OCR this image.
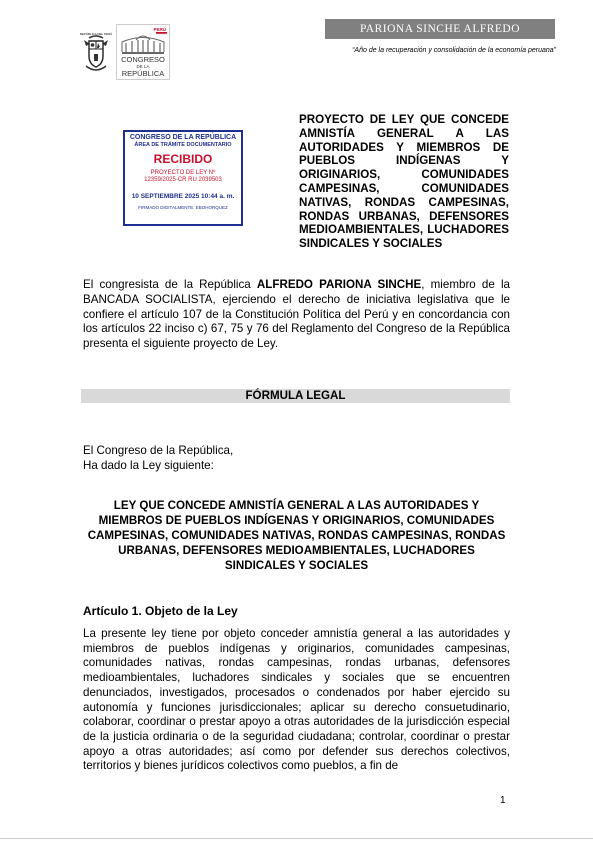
PARIONA SINCHE ALFREDO
“Año de la recuperación y consolidación de la economía peruana”
REPÚBLICA DEL PERÚ
PERÚ
CONGRESO
DE LA
REPÚBLICA
CONGRESO DE LA REPÚBLICA
ÁREA DE TRÁMITE DOCUMENTARIO
RECIBIDO
PROYECTO DE LEY Nº
12359/2025-CR RU 2039503
10 SEPTIEMBRE 2025 10:44 a. m.
FIRMADO DIGITALMENTE: EBOHORQUEZ
PROYECTO DE LEY QUE CONCEDE AMNISTÍA GENERAL A LAS AUTORIDADES Y MIEMBROS DE PUEBLOS INDÍGENAS Y ORIGINARIOS, COMUNIDADES CAMPESINAS, COMUNIDADES NATIVAS, RONDAS CAMPESINAS, RONDAS URBANAS, DEFENSORES MEDIOAMBIENTALES, LUCHADORES SINDICALES Y SOCIALES
El congresista de la República ALFREDO PARIONA SINCHE, miembro de la BANCADA SOCIALISTA, ejerciendo el derecho de iniciativa legislativa que le confiere el artículo 107 de la Constitución Política del Perú y en concordancia con los artículos 22 inciso c) 67, 75 y 76 del Reglamento del Congreso de la República presenta el siguiente proyecto de Ley.
FÓRMULA LEGAL
El Congreso de la República,
Ha dado la Ley siguiente:
LEY QUE CONCEDE AMNISTÍA GENERAL A LAS AUTORIDADES Y MIEMBROS DE PUEBLOS INDÍGENAS Y ORIGINARIOS, COMUNIDADES CAMPESINAS, COMUNIDADES NATIVAS, RONDAS CAMPESINAS, RONDAS URBANAS, DEFENSORES MEDIOAMBIENTALES, LUCHADORES SINDICALES Y SOCIALES
Artículo 1. Objeto de la Ley
La presente ley tiene por objeto conceder amnistía general a las autoridades y miembros de pueblos indígenas y originarios, comunidades campesinas, comunidades nativas, rondas campesinas, rondas urbanas, defensores medioambientales, luchadores sindicales y sociales que se encuentren denunciados, investigados, procesados o condenados por haber ejercido su autonomía y funciones jurisdiccionales; aplicar su derecho consuetudinario, colaborar, coordinar o prestar apoyo a otras autoridades de la jurisdicción especial de la justicia ordinaria o de la seguridad ciudadana; controlar, coordinar o prestar apoyo a otras autoridades; así como por defender sus derechos colectivos, territorios y bienes jurídicos colectivos como pueblos, a fin de
1
